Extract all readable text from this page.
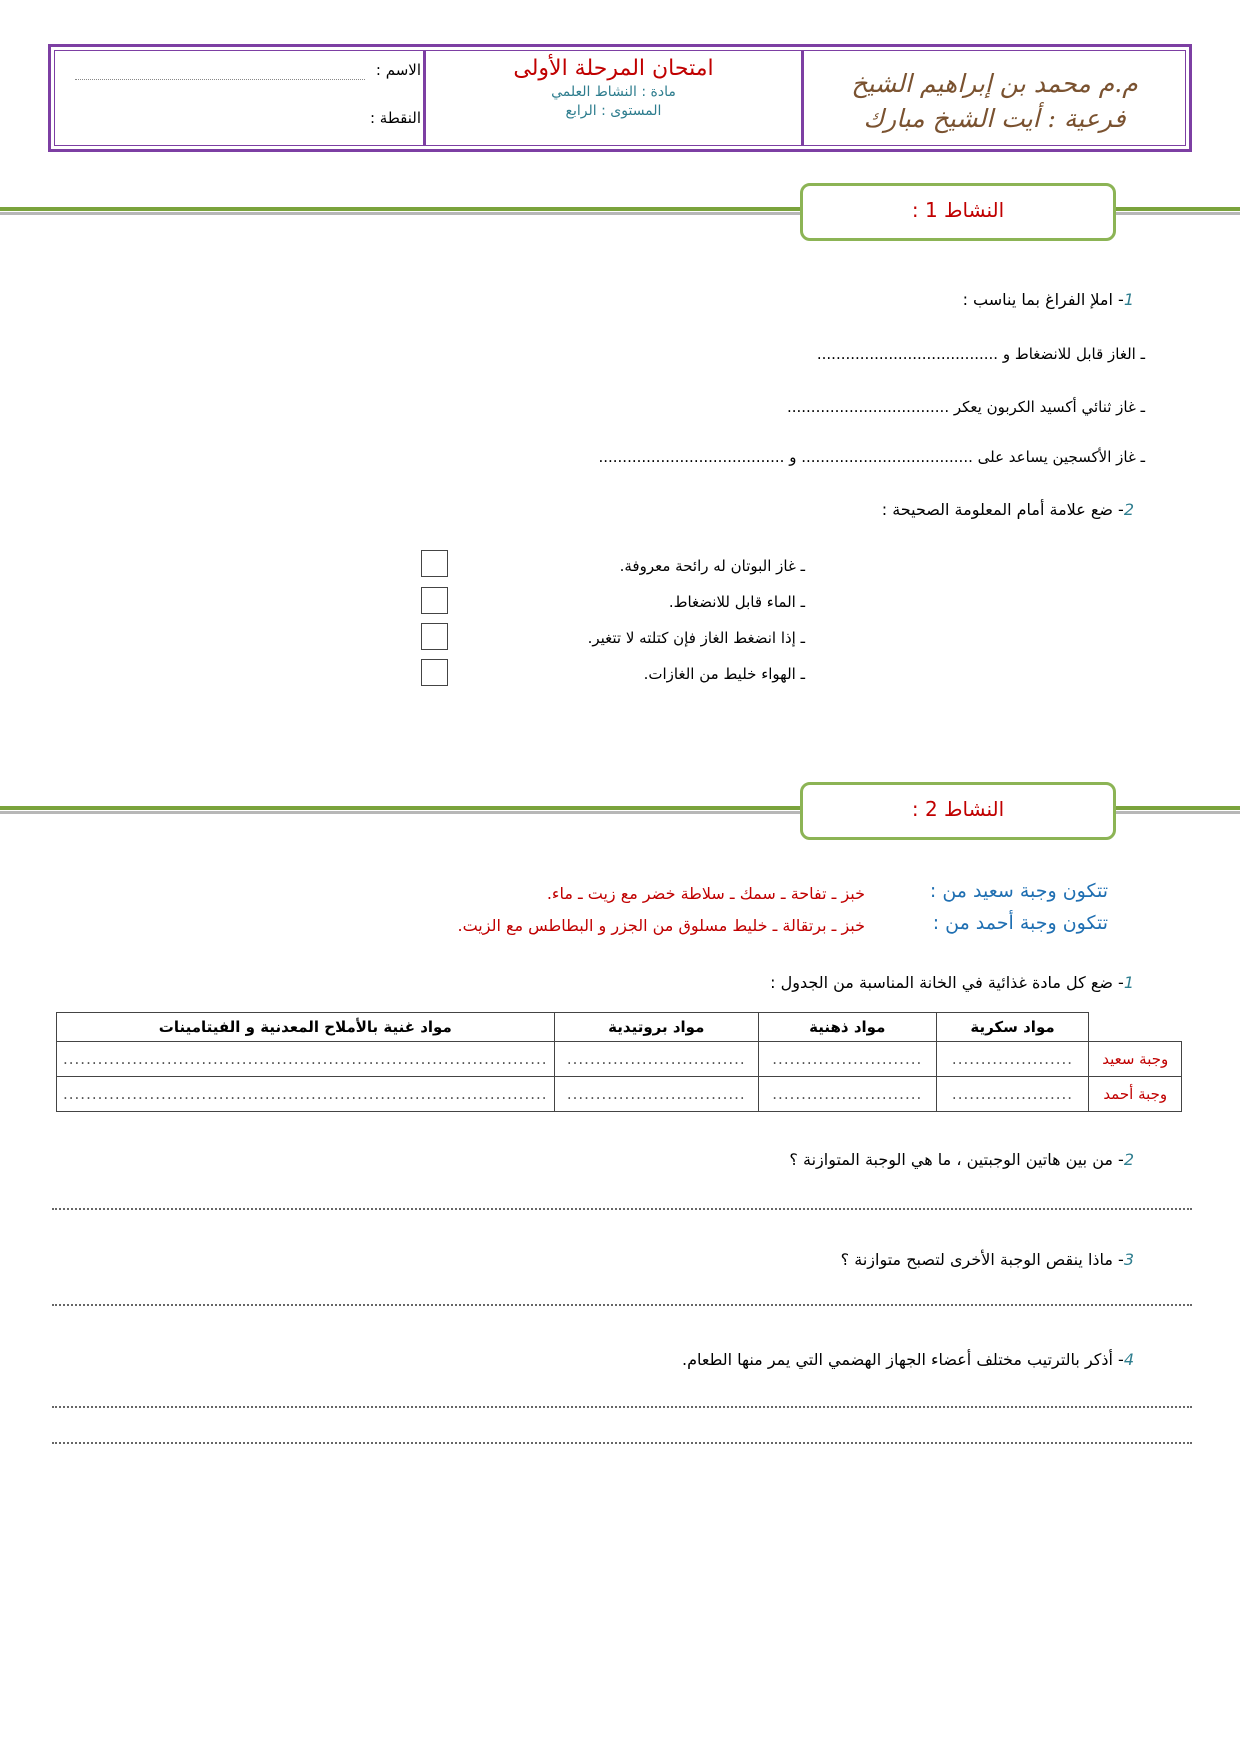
م.م محمد بن إبراهيم الشيخ
فرعية : أيت الشيخ مبارك
امتحان المرحلة الأولى
مادة : النشاط العلمي
المستوى : الرابع
الاسم :
النقطة :
النشاط 1 :
1- املإ الفراغ بما يناسب :
ـ الغاز قابل للانضغاط و ......................................
ـ غاز ثنائي أكسيد الكربون يعكر ..................................
ـ غاز الأكسجين يساعد على .................................... و .......................................
2- ضع علامة أمام المعلومة الصحيحة :
ـ غاز البوتان له رائحة معروفة.
ـ الماء قابل للانضغاط.
ـ إذا انضغط الغاز فإن كتلته لا تتغير.
ـ الهواء خليط من الغازات.
النشاط 2 :
تتكون وجبة سعيد من :
خبز ـ تفاحة ـ سمك ـ سلاطة خضر مع زيت ـ ماء.
تتكون وجبة أحمد من :
خبز ـ برتقالة ـ خليط مسلوق من الجزر و البطاطس مع الزيت.
1- ضع كل مادة غذائية في الخانة المناسبة من الجدول :
	مواد سكرية	مواد ذهنية	مواد بروتيدية	مواد غنية بالأملاح المعدنية و الفيتامينات
وجبة سعيد	.....................	..........................	...............................	....................................................................................
وجبة أحمد	.....................	..........................	...............................	....................................................................................
2- من بين هاتين الوجبتين ، ما هي الوجبة المتوازنة ؟
3- ماذا ينقص الوجبة الأخرى لتصبح متوازنة ؟
4- أذكر بالترتيب مختلف أعضاء الجهاز الهضمي التي يمر منها الطعام.
